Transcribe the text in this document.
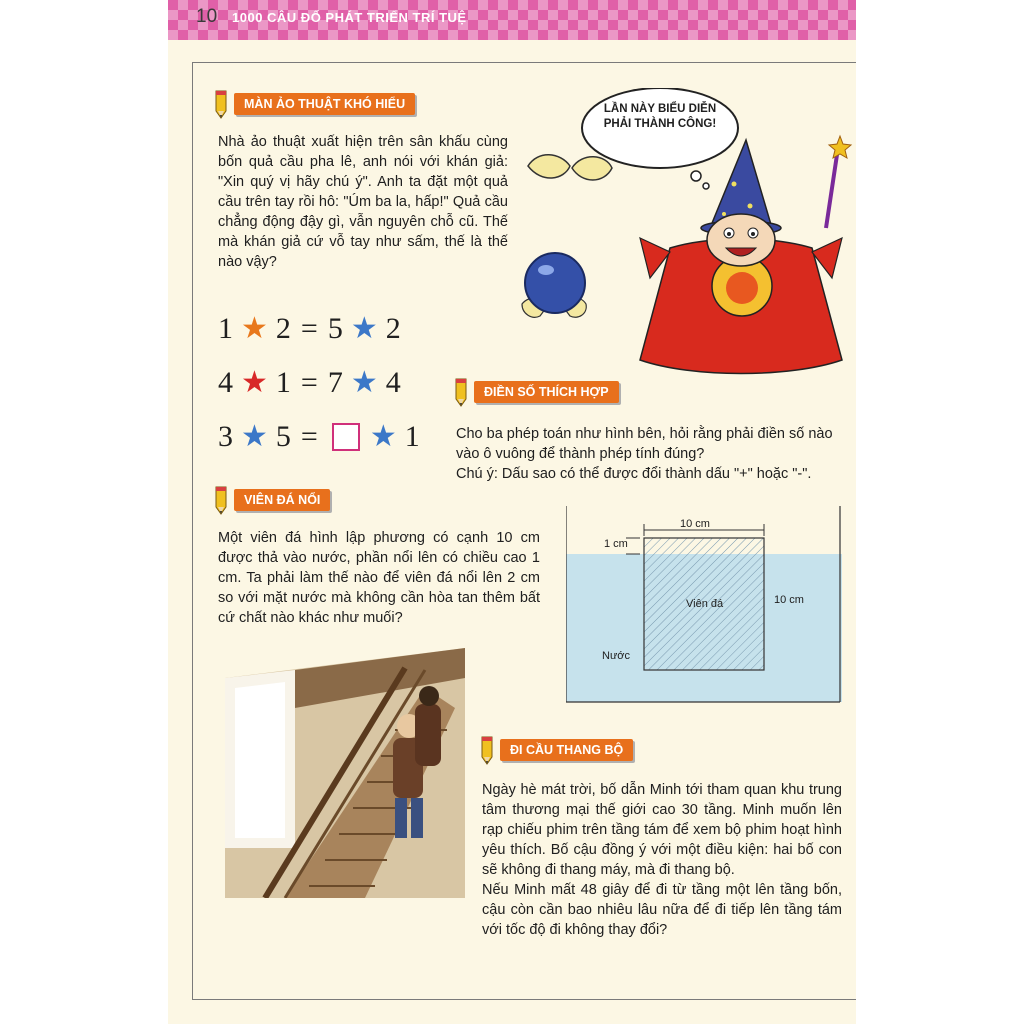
10 1000 CÂU ĐỐ PHÁT TRIỂN TRÍ TUỆ
MÀN ẢO THUẬT KHÓ HIỂU

Nhà ảo thuật xuất hiện trên sân khấu cùng bốn quả cầu pha lê, anh nói với khán giả: "Xin quý vị hãy chú ý". Anh ta đặt một quả cầu trên tay rồi hô: "Úm ba la, hấp!" Quả cầu chẳng động đậy gì, vẫn nguyên chỗ cũ. Thế mà khán giả cứ vỗ tay như sấm, thế là thế nào vậy?

LẦN NÀY BIỂU DIỄN PHẢI THÀNH CÔNG!
1 ★ 2 = 5 ★ 2
4 ★ 1 = 7 ★ 4
3 ★ 5 = ★ 1
ĐIỀN SỐ THÍCH HỢP

Cho ba phép toán như hình bên, hỏi rằng phải điền số nào vào ô vuông để thành phép tính đúng?

Chú ý: Dấu sao có thể được đổi thành dấu "+" hoặc "-".

VIÊN ĐÁ NỔI

Một viên đá hình lập phương có cạnh 10 cm được thả vào nước, phần nổi lên có chiều cao 1 cm. Ta phải làm thế nào để viên đá nổi lên 2 cm so với mặt nước mà không cần hòa tan thêm bất cứ chất nào khác như muối?

10 cm
1 cm
10 cm
Viên đá
Nước
ĐI CẦU THANG BỘ

Ngày hè mát trời, bố dẫn Minh tới tham quan khu trung tâm thương mại thế giới cao 30 tầng. Minh muốn lên rạp chiếu phim trên tầng tám để xem bộ phim hoạt hình yêu thích. Bố cậu đồng ý với một điều kiện: hai bố con sẽ không đi thang máy, mà đi thang bộ.

Nếu Minh mất 48 giây để đi từ tầng một lên tầng bốn, cậu còn cần bao nhiêu lâu nữa để đi tiếp lên tầng tám với tốc độ đi không thay đổi?
